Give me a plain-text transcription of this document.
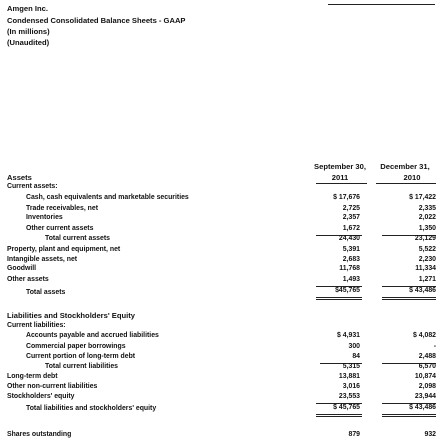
Amgen Inc.
Condensed Consolidated Balance Sheets - GAAP
(In millions)
(Unaudited)
September 30,	December 31,
Assets	2011	2010
Current assets:
Cash, cash equivalents and marketable securities	$ 17,676	$ 17,422
Trade receivables, net	2,725	2,335
Inventories	2,357	2,022
Other current assets	1,672	1,350
Total current assets	24,430	23,129
Property, plant and equipment, net	5,391	5,522
Intangible assets, net	2,683	2,230
Goodwill	11,768	11,334
Other assets	1,493	1,271
Total assets	$45,765	$ 43,486
Liabilities and Stockholders' Equity
Current liabilities:
Accounts payable and accrued liabilities	$ 4,931	$ 4,082
Commercial paper borrowings	300	-
Current portion of long-term debt	84	2,488
Total current liabilities	5,315	6,570
Long-term debt	13,881	10,874
Other non-current liabilities	3,016	2,098
Stockholders' equity	23,553	23,944
Total liabilities and stockholders' equity	$ 45,765	$ 43,486
Shares outstanding	879	932
